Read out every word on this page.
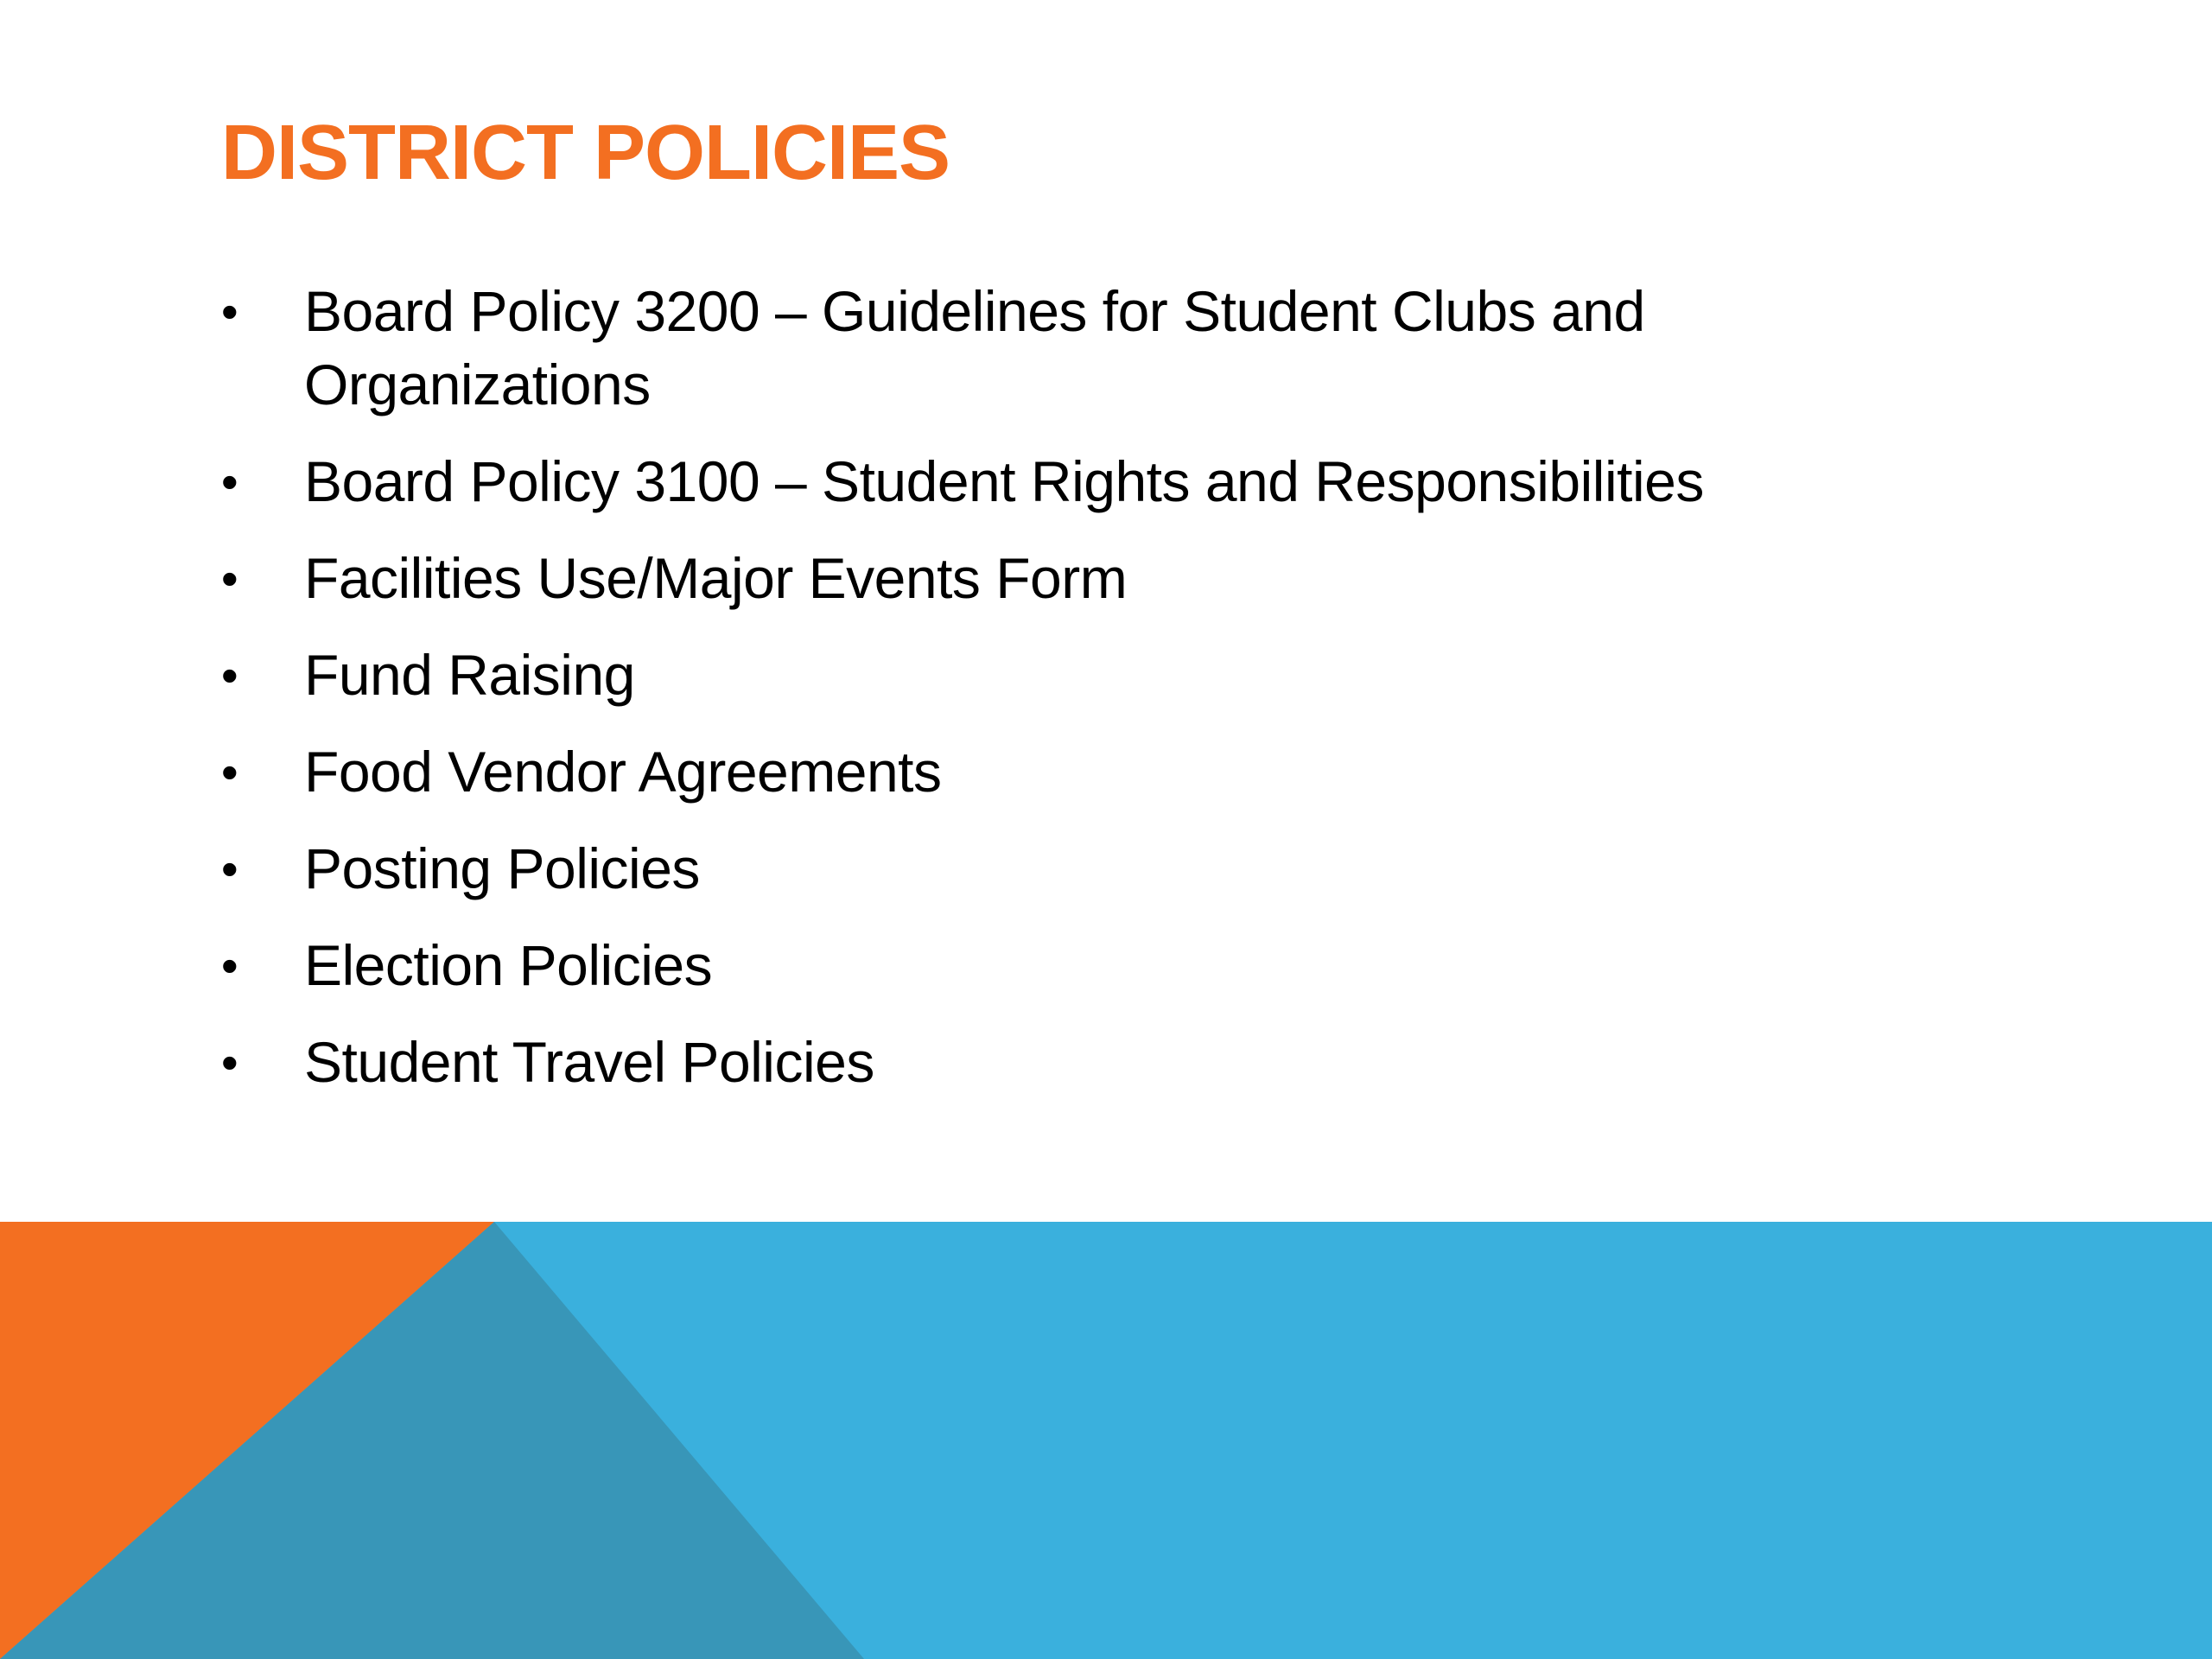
DISTRICT POLICIES
•	Board Policy 3200 – Guidelines for Student Clubs and Organizations
•	Board Policy 3100 – Student Rights and Responsibilities
•	Facilities Use/Major Events Form
•	Fund Raising
•	Food Vendor Agreements
•	Posting Policies
•	Election Policies
•	Student Travel Policies
